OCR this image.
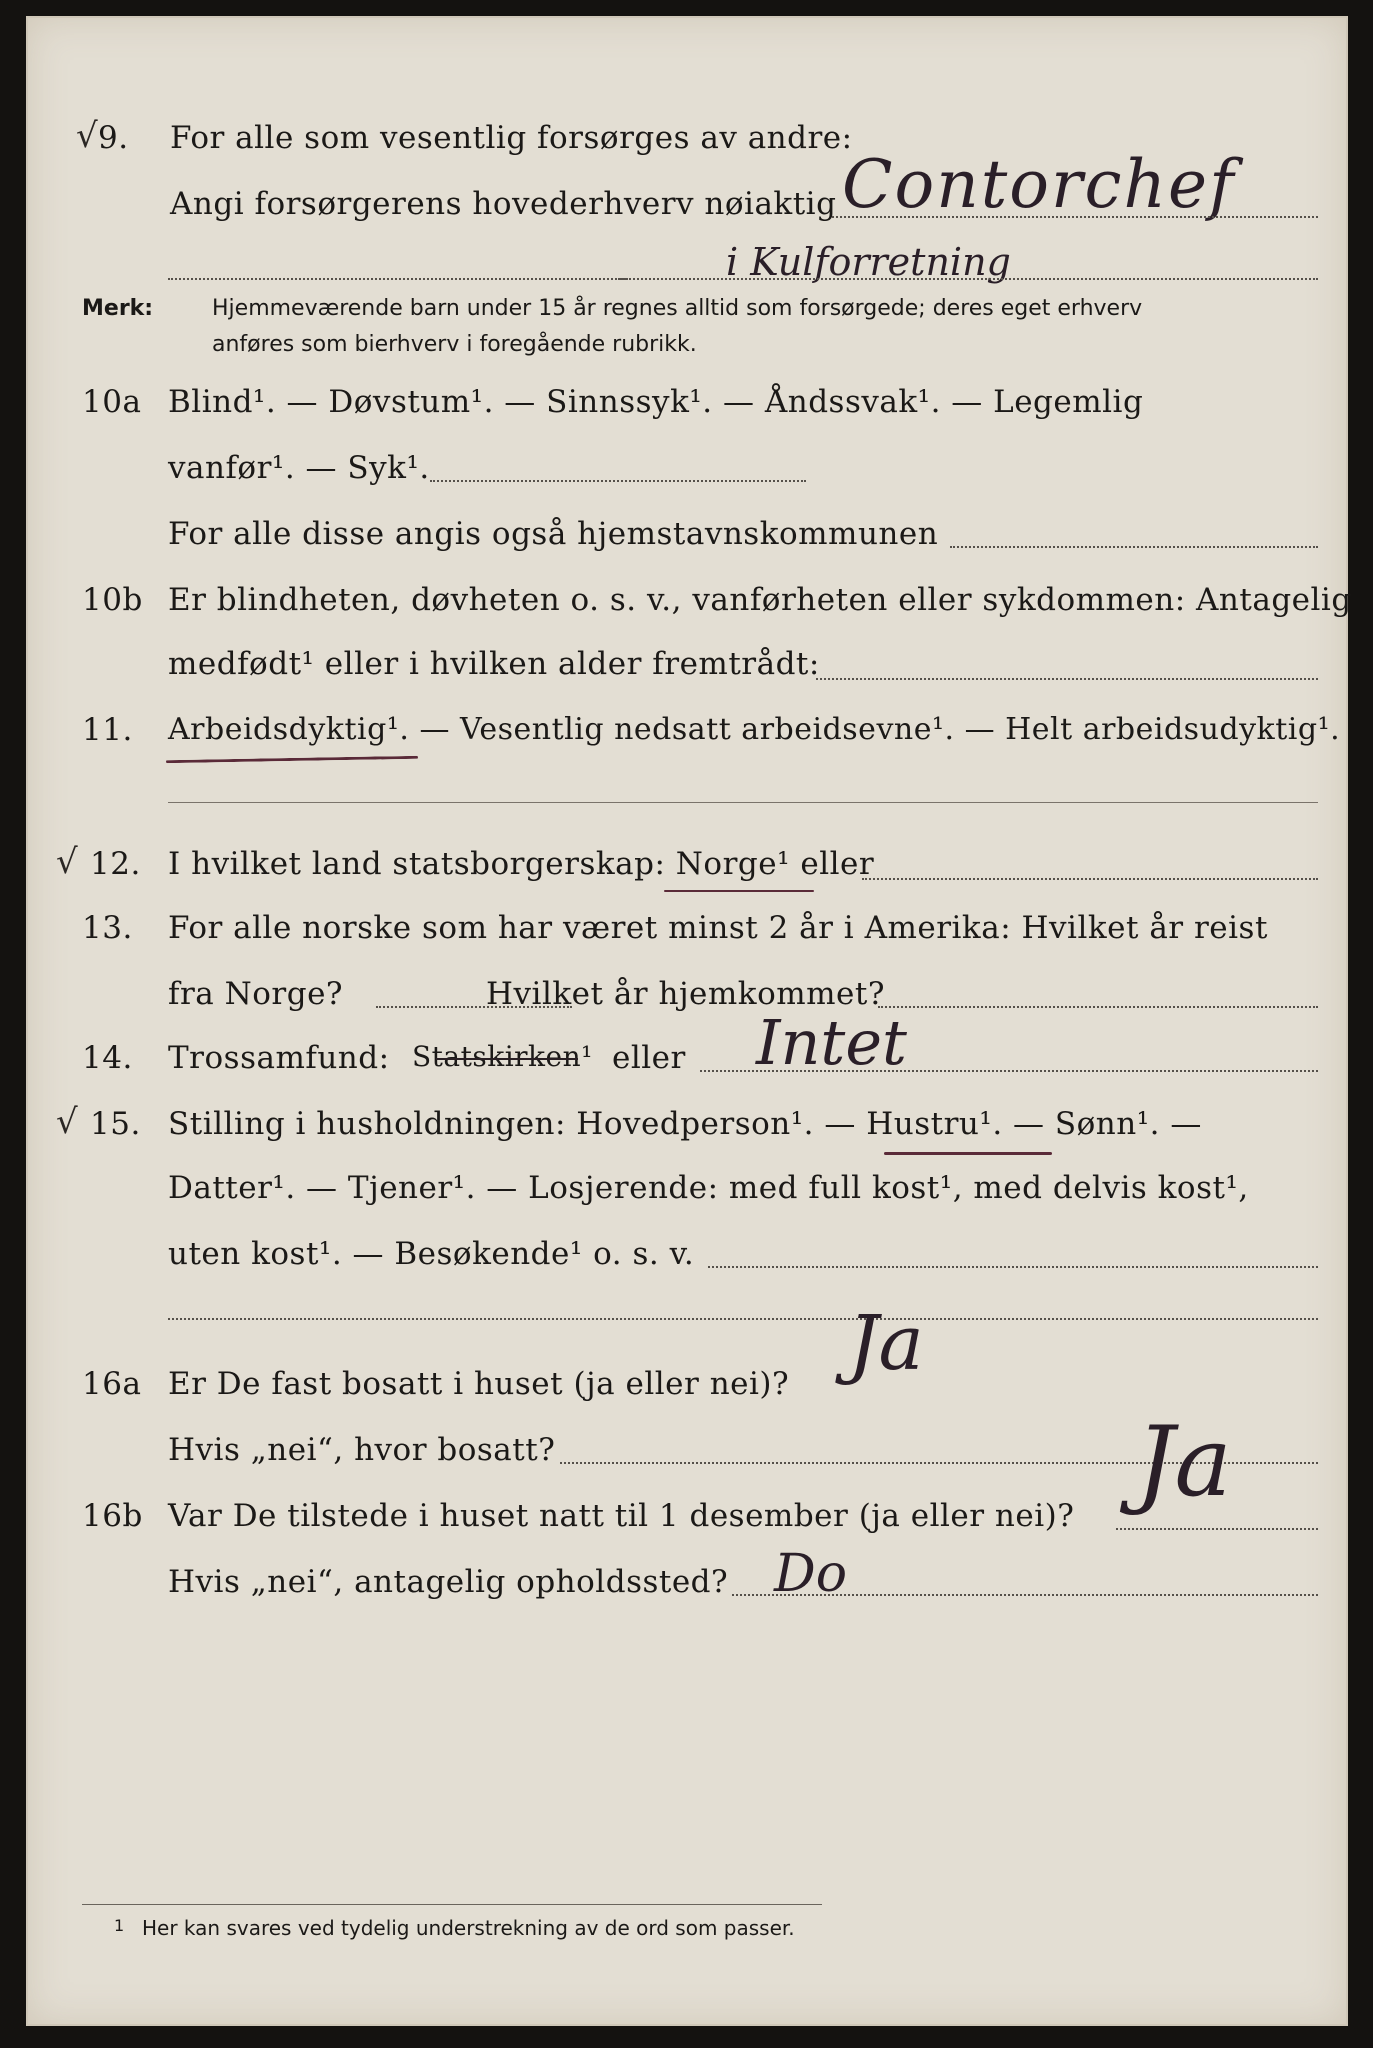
√ 9. For alle som vesentlig forsørges av andre:
Contorchef
Angi forsørgerens hovederhverv nøiaktig
i Kulforretning
Merk:	Hjemmeværende barn under 15 år regnes alltid som forsørgede; deres eget erhverv
anføres som bierhverv i foregående rubrikk.
10a Blind¹. — Døvstum¹. — Sinnssyk¹. — Åndssvak¹. — Legemlig
vanfør¹. — Syk¹.
For alle disse angis også hjemstavnskommunen
10b Er blindheten, døvheten o. s. v., vanførheten eller sykdommen: Antagelig
medfødt¹ eller i hvilken alder fremtrådt:
11. Arbeidsdyktig¹. — Vesentlig nedsatt arbeidsevne¹. — Helt arbeidsudyktig¹.
√ 12. I hvilket land statsborgerskap: Norge¹ eller
13. For alle norske som har været minst 2 år i Amerika: Hvilket år reist
fra Norge?	Hvilket år hjemkommet?
14. Trossamfund: Statskirken¹ eller Intet
√ 15. Stilling i husholdningen: Hovedperson¹. — Hustru¹. — Sønn¹. —
Datter¹. — Tjener¹. — Losjerende: med full kost¹, med delvis kost¹,
uten kost¹. — Besøkende¹ o. s. v.
16a Er De fast bosatt i huset (ja eller nei)? Ja
Hvis „nei“, hvor bosatt?
16b Var De tilstede i huset natt til 1 desember (ja eller nei)? Ja
Hvis „nei“, antagelig opholdssted? Do
1 Her kan svares ved tydelig understrekning av de ord som passer.
